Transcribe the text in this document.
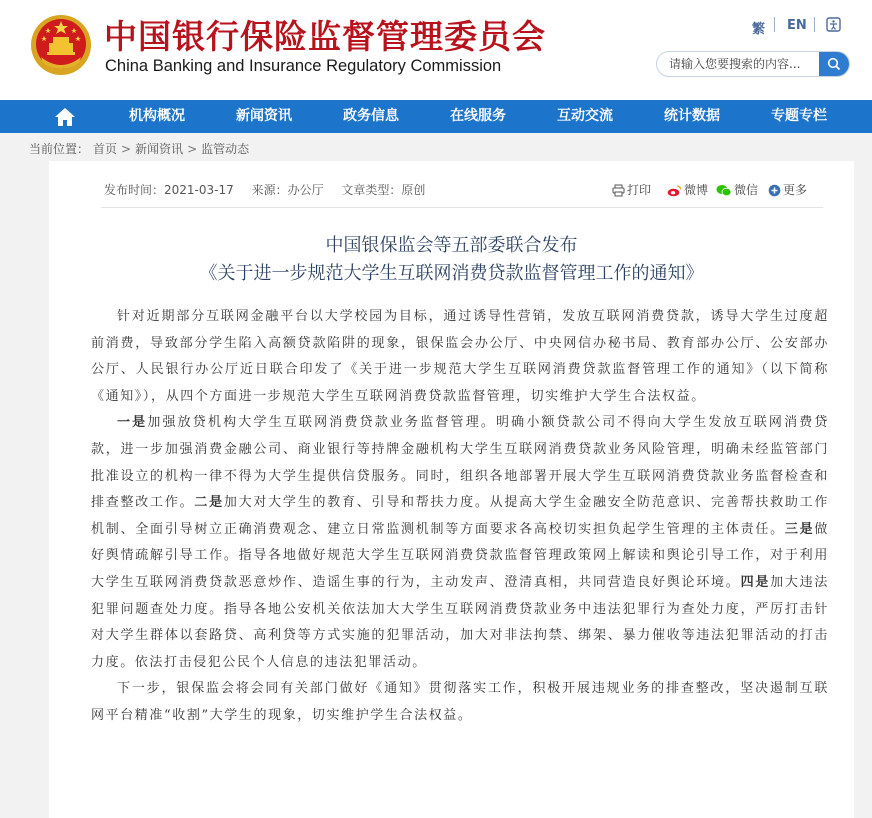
中国银行保险监督管理委员会
China Banking and Insurance Regulatory Commission
繁 EN
请输入您要搜索的内容...
机构概况	新闻资讯	政务信息	在线服务	互动交流	统计数据	专题专栏
当前位置： 首页 > 新闻资讯 > 监管动态
发布时间：2021-03-17 来源：办公厅 文章类型：原创	打印	微博	微信	更多
中国银保监会等五部委联合发布
《关于进一步规范大学生互联网消费贷款监督管理工作的通知》

针对近期部分互联网金融平台以大学校园为目标，通过诱导性营销，发放互联网消费贷款，诱导大学生过度超前消费，导致部分学生陷入高额贷款陷阱的现象，银保监会办公厅、中央网信办秘书局、教育部办公厅、公安部办公厅、人民银行办公厅近日联合印发了《关于进一步规范大学生互联网消费贷款监督管理工作的通知》（以下简称《通知》），从四个方面进一步规范大学生互联网消费贷款监督管理，切实维护大学生合法权益。

一是加强放贷机构大学生互联网消费贷款业务监督管理。明确小额贷款公司不得向大学生发放互联网消费贷款，进一步加强消费金融公司、商业银行等持牌金融机构大学生互联网消费贷款业务风险管理，明确未经监管部门批准设立的机构一律不得为大学生提供信贷服务。同时，组织各地部署开展大学生互联网消费贷款业务监督检查和排查整改工作。二是加大对大学生的教育、引导和帮扶力度。从提高大学生金融安全防范意识、完善帮扶救助工作机制、全面引导树立正确消费观念、建立日常监测机制等方面要求各高校切实担负起学生管理的主体责任。三是做好舆情疏解引导工作。指导各地做好规范大学生互联网消费贷款监督管理政策网上解读和舆论引导工作，对于利用大学生互联网消费贷款恶意炒作、造谣生事的行为，主动发声、澄清真相，共同营造良好舆论环境。四是加大违法犯罪问题查处力度。指导各地公安机关依法加大大学生互联网消费贷款业务中违法犯罪行为查处力度，严厉打击针对大学生群体以套路贷、高利贷等方式实施的犯罪活动，加大对非法拘禁、绑架、暴力催收等违法犯罪活动的打击力度。依法打击侵犯公民个人信息的违法犯罪活动。

下一步，银保监会将会同有关部门做好《通知》贯彻落实工作，积极开展违规业务的排查整改，坚决遏制互联网平台精准“收割”大学生的现象，切实维护学生合法权益。
